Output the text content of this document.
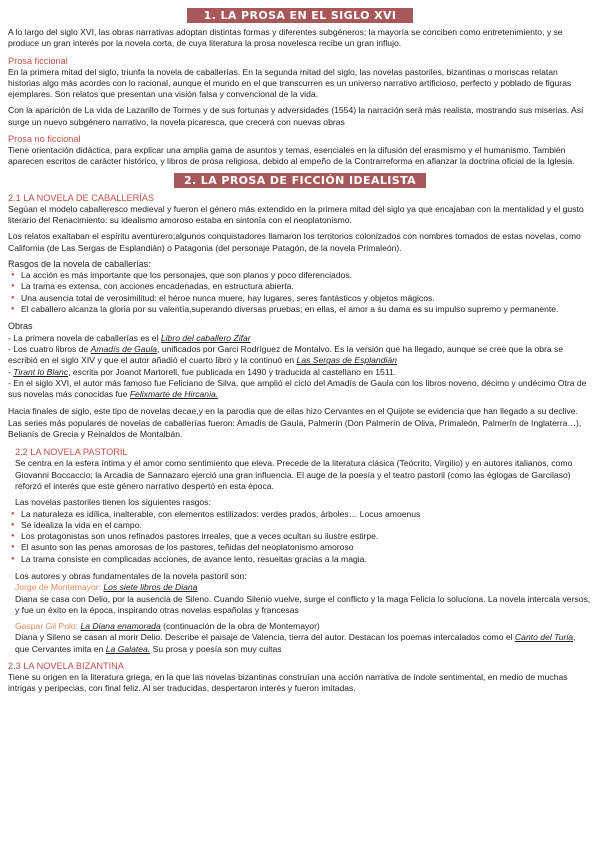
1. LA PROSA EN EL SIGLO XVI

A lo largo del siglo XVI, las obras narrativas adoptan distintas formas y diferentes subgéneros; la mayoría se conciben como entretenimiento, y se produce un gran interés por la novela corta, de cuya literatura la prosa novelesca recibe un gran influjo.

Prosa ficcional

En la primera mitad del siglo, triunfa la novela de caballerías. En la segunda mitad del siglo, las novelas pastoriles, bizantinas o moriscas relatan historias algo más acordes con lo racional, aunque el mundo en el que transcurren es un universo narrativo artificioso, perfecto y poblado de figuras ejemplares. Son relatos que presentan una visión falsa y convencional de la vida.

Con la aparición de La vida de Lazarillo de Tormes y de sus fortunas y adversidades (1554) la narración será más realista, mostrando sus miserias. Así surge un nuevo subgénero narrativo, la novela picaresca, que crecerá con nuevas obras

Prosa no ficcional

Tiene orientación didáctica, para explicar una amplia gama de asuntos y temas, esenciales en la difusión del erasmismo y el humanismo. También aparecen escritos de carácter histórico, y libros de prosa religiosa, debido al empeño de la Contrarreforma en afianzar la doctrina oficial de la Iglesia.

2. LA PROSA DE FICCIÓN IDEALISTA
2.1 LA NOVELA DE CABALLERÍAS

Segúan el modelo caballeresco medieval y fueron el género más extendido en la primera mitad del siglo ya que encajaban con la mentalidad y el gusto literario del Renacimiento: su idealismo amoroso estaba en sintonía con el neoplatonismo.

Los relatos exaltaban el espíritu aventurero;algunos conquistadores llamaron los territorios colonizados con nombres tomados de estas novelas, como California (de Las Sergas de Esplandián) o Patagonia (del personaje Patagón, de la novela Primaleón).

Rasgos de la novela de caballerías:
● La acción es más importante que los personajes, que son planos y poco diferenciados.
● La trama es extensa, con acciones encadenadas, en estructura abierta.
● Una ausencia total de verosimilitud: el héroe nunca muere, hay lugares, seres fantásticos y objetos mágicos.
● El caballero alcanza la gloria por su valentía,superando diversas pruebas; en ellas, el amor a su dama es su impulso supremo y permanente.
Obras

- La primera novela de caballerías es el Libro del caballero Zifar

- Los cuatro libros de Amadís de Gaula, unificados por Garci Rodríguez de Montalvo. Es la versión que ha llegado, aunque se cree que la obra se escribió en el siglo XIV y que el autor añadió el cuarto libro y la continuó en Las Sergas de Esplandián

- Tirant lo Blanc, escrita por Joanot Martorell, fue publicada en 1490 y traducida al castellano en 1511.

- En el siglo XVI, el autor más famoso fue Feliciano de Silva, que amplió el ciclo del Amadís de Gaula con los libros noveno, décimo y undécimo Otra de sus novelas más conocidas fue Felixmarte de Hircania.

Hacia finales de siglo, este tipo de novelas decae,y en la parodia que de ellas hizo Cervantes en el Quijote se evidencia que han llegado a su declive. Las series más populares de novelas de caballerías fueron: Amadís de Gaula, Palmerín (Don Palmerín de Oliva, Primaleón, Palmerín de Inglaterra…), Belianís de Grecia y Reinaldos de Montalbán.

2.2 LA NOVELA PASTORIL

Se centra en la esfera íntima y el amor como sentimiento que eleva. Precede de la literatura clásica (Teócrito, Virgilio) y en autores italianos, como Giovanni Boccaccio; la Arcadia de Sannazaro ejerció una gran influencia. El auge de la poesía y el teatro pastoril (como las églogas de Garcilaso) reforzó el interés que este género narrativo despertó en esta época.

Las novelas pastoriles tienen los siguientes rasgos:
● La naturaleza es idílica, inalterable, con elementos estilizados: verdes prados, árboles… Locus amoenus
● Se idealiza la vida en el campo.
● Los protagonistas son unos refinados pastores irreales, que a veces ocultan su ilustre estirpe.
● El asunto son las penas amorosas de los pastores, teñidas del neoplatonismo amoroso
● La trama consiste en complicadas acciones, de avance lento, resueltas gracias a la magia.
Los autores y obras fundamentales de la novela pastoril son:
Jorge de Montemayor: Los siete libros de Diana

Diana se casa con Delio, por la ausencia de Sileno. Cuando Silenio vuelve, surge el conflicto y la maga Felicia lo soluciona. La novela intercala versos, y fue un éxito en la época, inspirando otras novelas españolas y francesas

Gaspar Gil Polo: La Diana enamorada (continuación de la obra de Montemayor)

Diana y Sileno se casan al morir Delio. Describe el paisaje de Valencia, tierra del autor. Destacan los poemas intercalados como el Canto del Turia, que Cervantes imita en La Galatea. Su prosa y poesía son muy cultas

2.3 LA NOVELA BIZANTINA

Tiene su origen en la literatura griega, en la que las novelas bizantinas construían una acción narrativa de índole sentimental, en medio de muchas intrigas y peripecias, con final feliz. Al ser traducidas, despertaron interés y fueron imitadas.
